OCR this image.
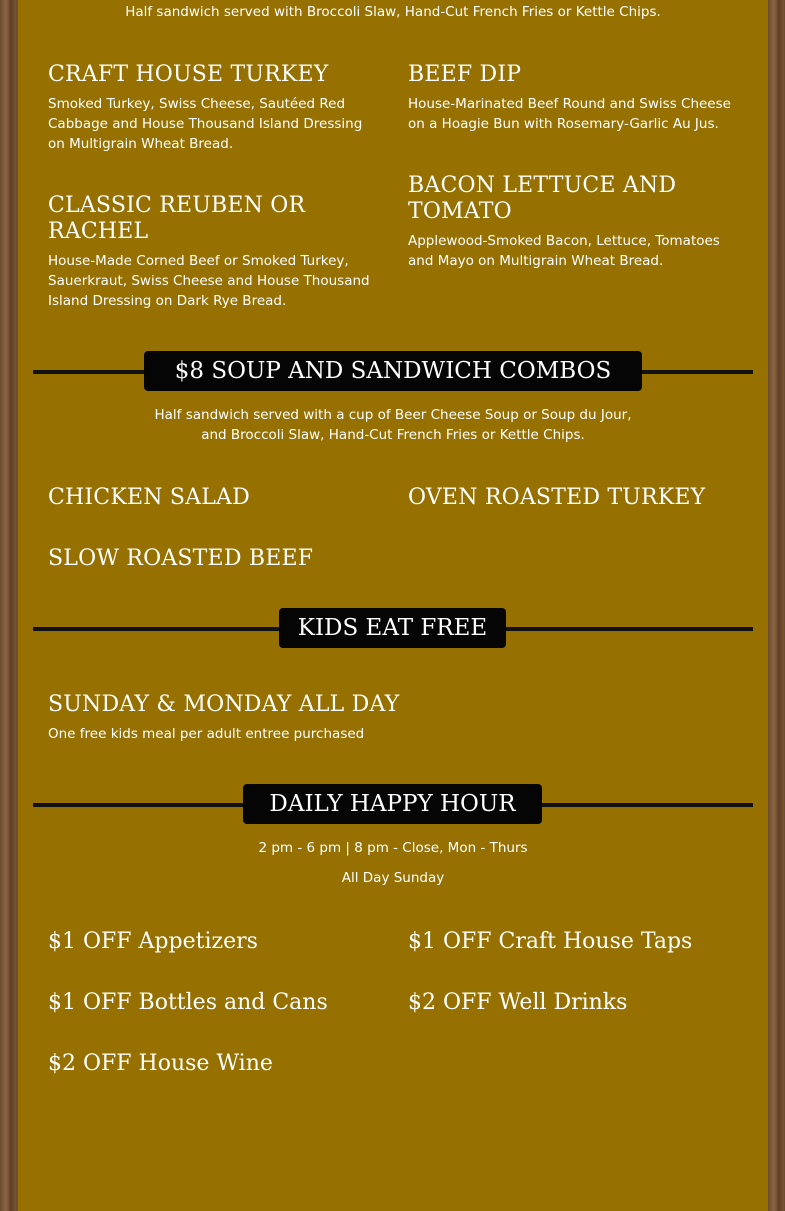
Half sandwich served with Broccoli Slaw, Hand-Cut French Fries or Kettle Chips.
CRAFT HOUSE TURKEY

Smoked Turkey, Swiss Cheese, Sautéed Red Cabbage and House Thousand Island Dressing on Multigrain Wheat Bread.

BEEF DIP

House-Marinated Beef Round and Swiss Cheese on a Hoagie Bun with Rosemary-Garlic Au Jus.

CLASSIC REUBEN OR RACHEL

House-Made Corned Beef or Smoked Turkey, Sauerkraut, Swiss Cheese and House Thousand Island Dressing on Dark Rye Bread.

BACON LETTUCE AND TOMATO

Applewood-Smoked Bacon, Lettuce, Tomatoes and Mayo on Multigrain Wheat Bread.

$8 SOUP AND SANDWICH COMBOS
Half sandwich served with a cup of Beer Cheese Soup or Soup du Jour,
and Broccoli Slaw, Hand-Cut French Fries or Kettle Chips.
CHICKEN SALAD	OVEN ROASTED TURKEY
SLOW ROASTED BEEF
KIDS EAT FREE
SUNDAY & MONDAY ALL DAY

One free kids meal per adult entree purchased

DAILY HAPPY HOUR
2 pm - 6 pm | 8 pm - Close, Mon - Thurs
All Day Sunday
$1 OFF Appetizers	$1 OFF Craft House Taps
$1 OFF Bottles and Cans	$2 OFF Well Drinks
$2 OFF House Wine
